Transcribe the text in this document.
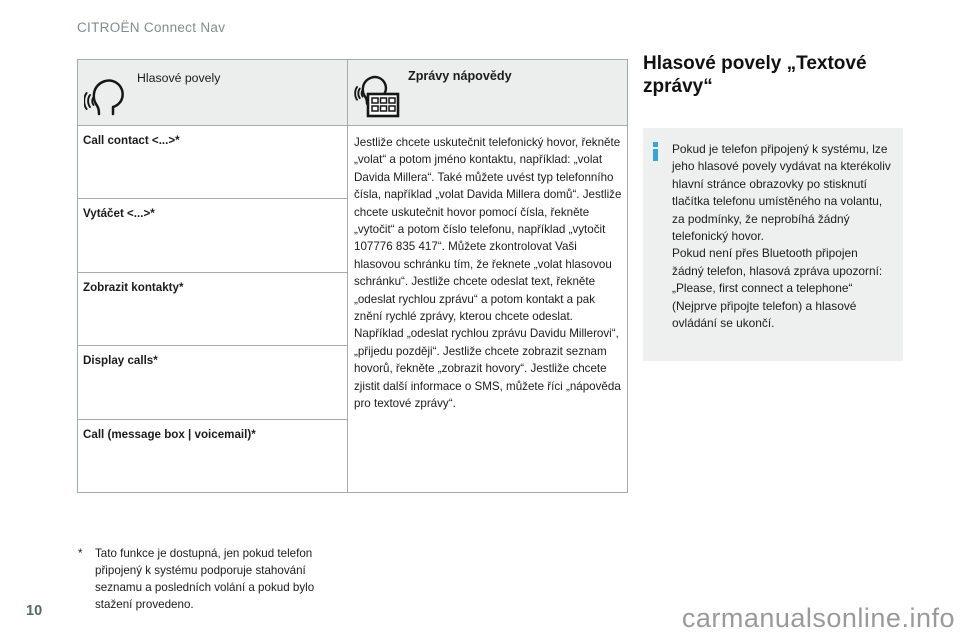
CITROËN Connect Nav
Hlasové povely	Zprávy nápovědy
Call contact <...>*
Vytáčet <...>*
Zobrazit kontakty*
Display calls*
Call (message box | voicemail)*
Jestliže chcete uskutečnit telefonický hovor, řekněte „volat“ a potom jméno kontaktu, například: „volat Davida Millera“. Také můžete uvést typ telefonního čísla, například „volat Davida Millera domů“. Jestliže chcete uskutečnit hovor pomocí čísla, řekněte „vytočit“ a potom číslo telefonu, například „vytočit 107776 835 417“. Můžete zkontrolovat Vaši hlasovou schránku tím, že řeknete „volat hlasovou schránku“. Jestliže chcete odeslat text, řekněte „odeslat rychlou zprávu“ a potom kontakt a pak znění rychlé zprávy, kterou chcete odeslat. Například „odeslat rychlou zprávu Davidu Millerovi“, „přijedu později“. Jestliže chcete zobrazit seznam hovorů, řekněte „zobrazit hovory“. Jestliže chcete zjistit další informace o SMS, můžete říci „nápověda pro textové zprávy“.
Hlasové povely „Textové zprávy“
Pokud je telefon připojený k systému, lze jeho hlasové povely vydávat na kterékoliv hlavní stránce obrazovky po stisknutí tlačítka telefonu umístěného na volantu, za podmínky, že neprobíhá žádný telefonický hovor.
Pokud není přes Bluetooth připojen žádný telefon, hlasová zpráva upozorní: „Please, first connect a telephone“ (Nejprve připojte telefon) a hlasové ovládání se ukončí.
*	Tato funkce je dostupná, jen pokud telefon připojený k systému podporuje stahování seznamu a posledních volání a pokud bylo stažení provedeno.
10	carmanualsonline.info
